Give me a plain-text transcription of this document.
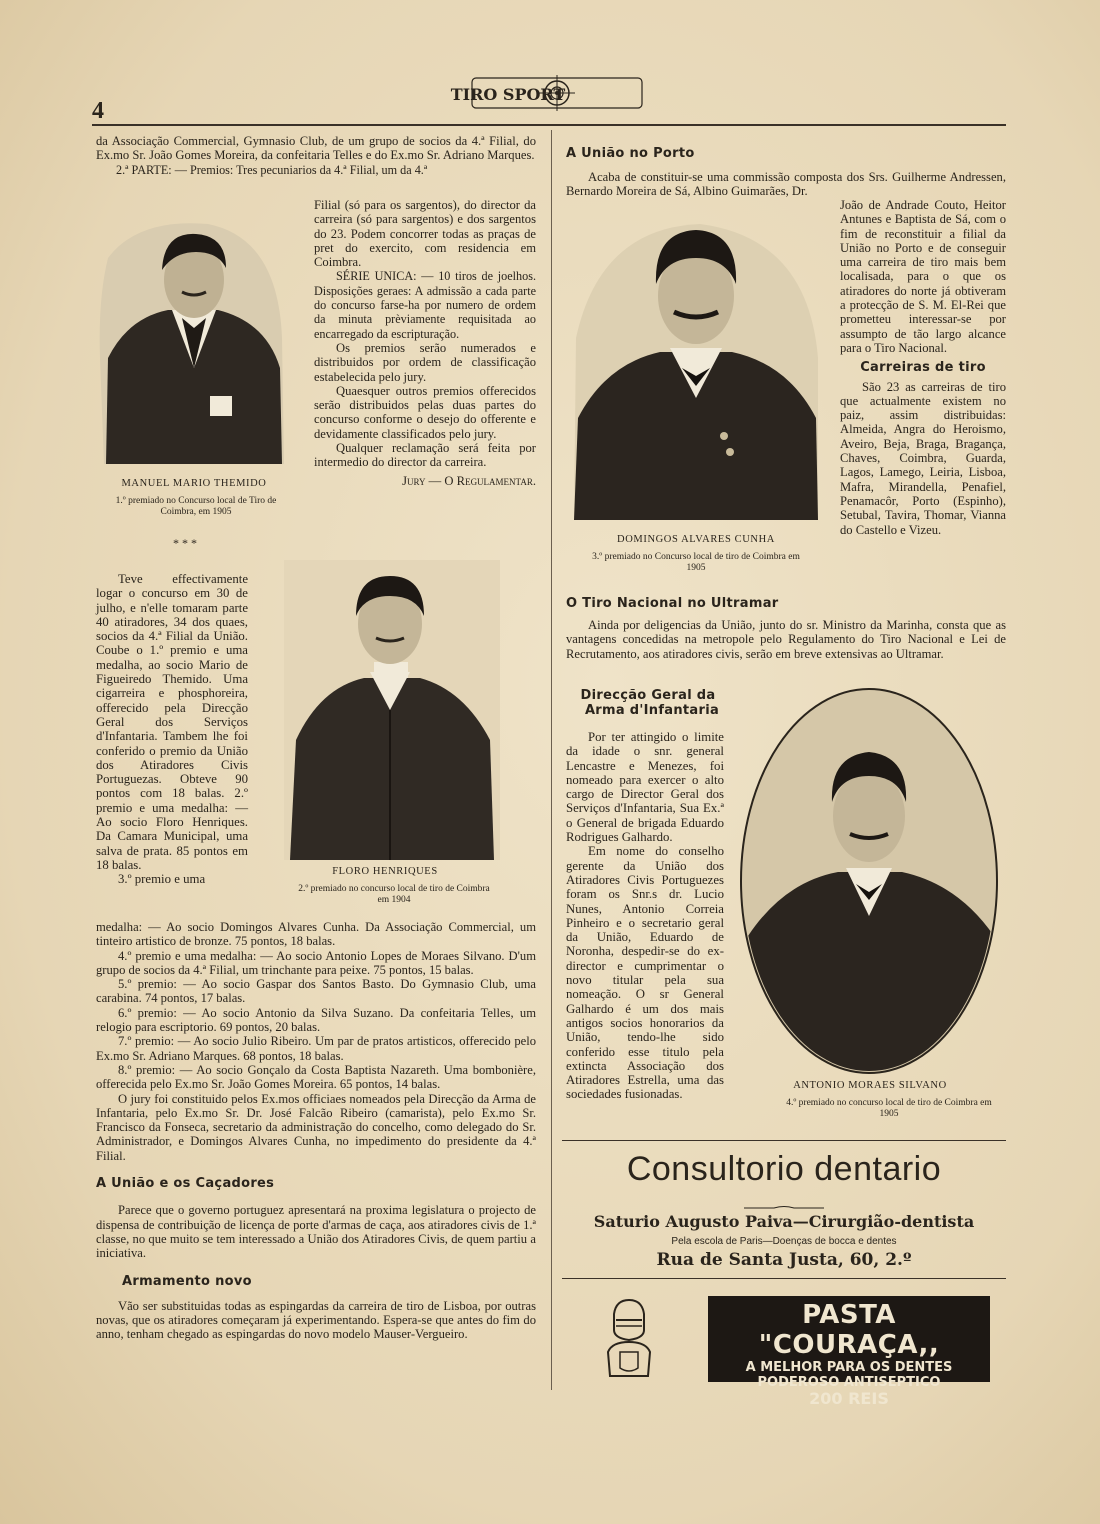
4
TIRO SPORT

da Associação Commercial, Gymnasio Club, de um grupo de socios da 4.ª Filial, do Ex.mo Sr. João Gomes Moreira, da confeitaria Telles e do Ex.mo Sr. Adriano Marques.

2.ª PARTE: — Premios: Tres pecuniarios da 4.ª Filial, um da 4.ª

MANUEL MARIO THEMIDO
1.º premiado no Concurso local de Tiro de Coimbra, em 1905

Filial (só para os sargentos), do director da carreira (só para sargentos) e dos sargentos do 23. Podem concorrer todas as praças de pret do exercito, com residencia em Coimbra.

SÉRIE UNICA: — 10 tiros de joelhos. Disposições geraes: A admissão a cada parte do concurso farse-ha por numero de ordem da minuta prèviamente requisitada ao encarregado da escripturação.

Os premios serão numerados e distribuidos por ordem de classificação estabelecida pelo jury.

Quaesquer outros premios offerecidos serão distribuidos pelas duas partes do concurso conforme o desejo do offerente e devidamente classificados pelo jury.

Qualquer reclamação será feita por intermedio do director da carreira.

Jury — O Regulamentar.

* * *

Teve effectivamente logar o concurso em 30 de julho, e n'elle tomaram parte 40 atiradores, 34 dos quaes, socios da 4.ª Filial da União. Coube o 1.º premio e uma medalha, ao socio Mario de Figueiredo Themido. Uma cigarreira e phosphoreira, offerecido pela Direcção Geral dos Serviços d'Infantaria. Tambem lhe foi conferido o premio da União dos Atiradores Civis Portuguezas. Obteve 90 pontos com 18 balas. 2.º premio e uma medalha: — Ao socio Floro Henriques. Da Camara Municipal, uma salva de prata. 85 pontos em 18 balas.

3.º premio e uma

FLORO HENRIQUES
2.º premiado no concurso local de tiro de Coimbra em 1904

medalha: — Ao socio Domingos Alvares Cunha. Da Associação Commercial, um tinteiro artistico de bronze. 75 pontos, 18 balas.

4.º premio e uma medalha: — Ao socio Antonio Lopes de Moraes Silvano. D'um grupo de socios da 4.ª Filial, um trinchante para peixe. 75 pontos, 15 balas.

5.º premio: — Ao socio Gaspar dos Santos Basto. Do Gymnasio Club, uma carabina. 74 pontos, 17 balas.

6.º premio: — Ao socio Antonio da Silva Suzano. Da confeitaria Telles, um relogio para escriptorio. 69 pontos, 20 balas.

7.º premio: — Ao socio Julio Ribeiro. Um par de pratos artisticos, offerecido pelo Ex.mo Sr. Adriano Marques. 68 pontos, 18 balas.

8.º premio: — Ao socio Gonçalo da Costa Baptista Nazareth. Uma bombonière, offerecida pelo Ex.mo Sr. João Gomes Moreira. 65 pontos, 14 balas.

O jury foi constituido pelos Ex.mos officiaes nomeados pela Direcção da Arma de Infantaria, pelo Ex.mo Sr. Dr. José Falcão Ribeiro (camarista), pelo Ex.mo Sr. Francisco da Fonseca, secretario da administração do concelho, como delegado do Sr. Administrador, e Domingos Alvares Cunha, no impedimento do presidente da 4.ª Filial.

A União e os Caçadores

Parece que o governo portuguez apresentará na proxima legislatura o projecto de dispensa de contribuição de licença de porte d'armas de caça, aos atiradores civis de 1.ª classe, no que muito se tem interessado a União dos Atiradores Civis, de quem partiu a iniciativa.

Armamento novo

Vão ser substituidas todas as espingardas da carreira de tiro de Lisboa, por outras novas, que os atiradores começaram já experimentando. Espera-se que antes do fim do anno, tenham chegado as espingardas do novo modelo Mauser-Vergueiro.

A União no Porto

Acaba de constituir-se uma commissão composta dos Srs. Guilherme Andressen, Bernardo Moreira de Sá, Albino Guimarães, Dr.

João de Andrade Couto, Heitor Antunes e Baptista de Sá, com o fim de reconstituir a filial da União no Porto e de conseguir uma carreira de tiro mais bem localisada, para o que os atiradores do norte já obtiveram a protecção de S. M. El-Rei que prometteu interessar-se por assumpto de tão largo alcance para o Tiro Nacional.

Carreiras de tiro

São 23 as carreiras de tiro que actualmente existem no paiz, assim distribuidas: Almeida, Angra do Heroismo, Aveiro, Beja, Braga, Bragança, Chaves, Coimbra, Guarda, Lagos, Lamego, Leiria, Lisboa, Mafra, Mirandella, Penafiel, Penamacôr, Porto (Espinho), Setubal, Tavira, Thomar, Vianna do Castello e Vizeu.

DOMINGOS ALVARES CUNHA
3.º premiado no Concurso local de tiro de Coimbra em 1905
O Tiro Nacional no Ultramar

Ainda por deligencias da União, junto do sr. Ministro da Marinha, consta que as vantagens concedidas na metropole pelo Regulamento do Tiro Nacional e Lei de Recrutamento, aos atiradores civis, serão em breve extensivas ao Ultramar.

Direcção Geral da
Arma d'Infantaria

Por ter attingido o limite da idade o snr. general Lencastre e Menezes, foi nomeado para exercer o alto cargo de Director Geral dos Serviços d'Infantaria, Sua Ex.ª o General de brigada Eduardo Rodrigues Galhardo.

Em nome do conselho gerente da União dos Atiradores Civis Portuguezes foram os Snr.s dr. Lucio Nunes, Antonio Correia Pinheiro e o secretario geral da União, Eduardo de Noronha, despedir-se do ex-director e cumprimentar o novo titular pela sua nomeação. O sr General Galhardo é um dos mais antigos socios honorarios da União, tendo-lhe sido conferido esse titulo pela extincta Associação dos Atiradores Estrella, uma das sociedades fusionadas.

ANTONIO MORAES SILVANO
4.º premiado no concurso local de tiro de Coimbra em 1905
Consultorio dentario
Saturio Augusto Paiva—Cirurgião-dentista
Pela escola de Paris—Doenças de bocca e dentes
Rua de Santa Justa, 60, 2.º
PASTA "COURAÇA,,
A MELHOR PARA OS DENTES
PODEROSO ANTISEPTICO
200 REIS
